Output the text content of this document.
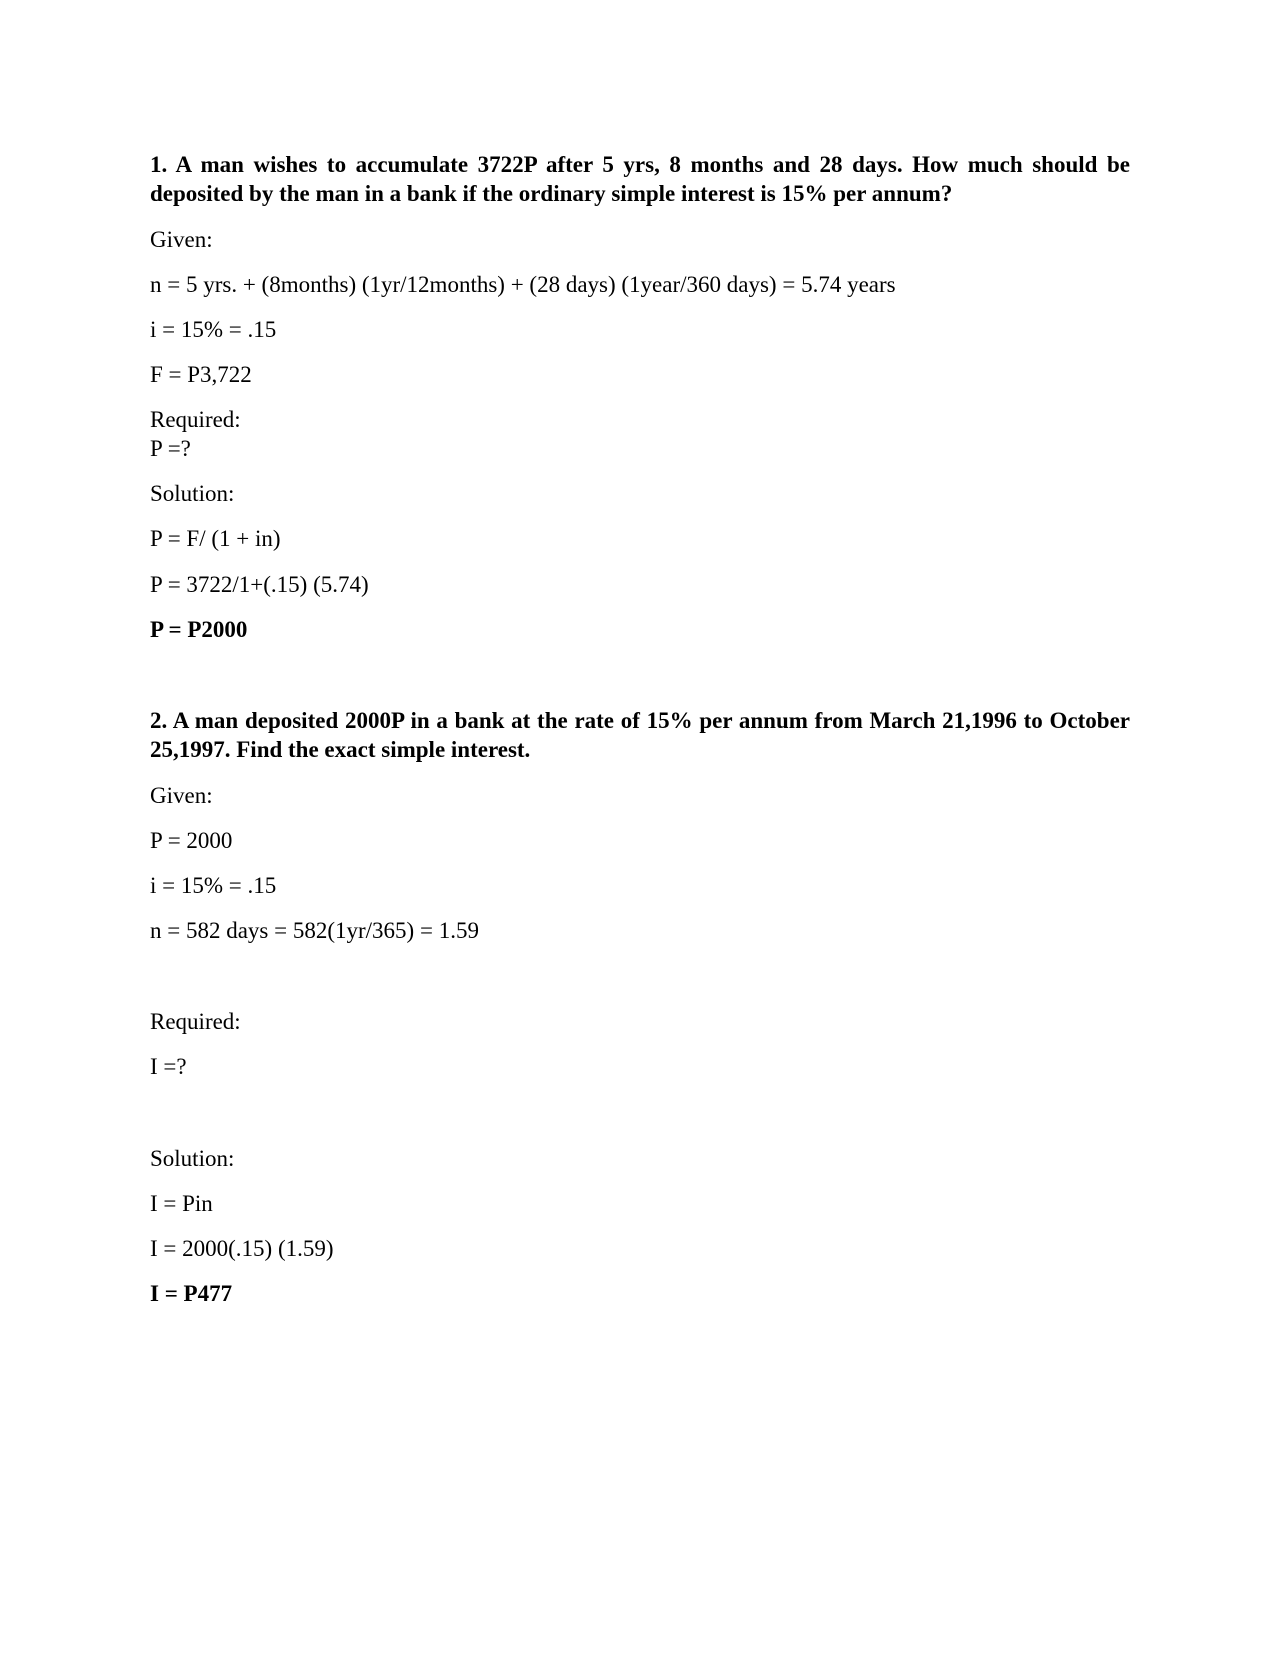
1. A man wishes to accumulate 3722P after 5 yrs, 8 months and 28 days. How much should be deposited by the man in a bank if the ordinary simple interest is 15% per annum?
Given:
n = 5 yrs. + (8months) (1yr/12months) + (28 days) (1year/360 days) = 5.74 years
i = 15% = .15
F = P3,722
Required:
P =?
Solution:
P = F/ (1 + in)
P = 3722/1+(.15) (5.74)
P = P2000
2. A man deposited 2000P in a bank at the rate of 15% per annum from March 21,1996 to October 25,1997. Find the exact simple interest.
Given:
P = 2000
i = 15% = .15
n = 582 days = 582(1yr/365) = 1.59
Required:
I =?
Solution:
I = Pin
I = 2000(.15) (1.59)
I = P477
